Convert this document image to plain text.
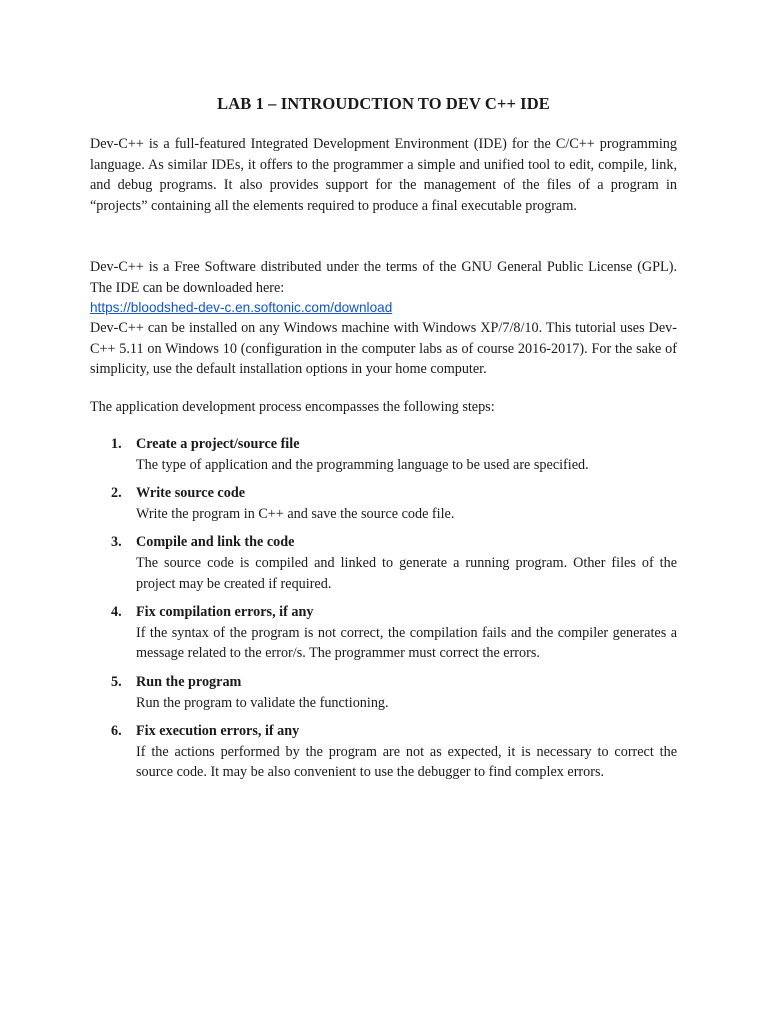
LAB 1 – INTROUDCTION TO DEV C++ IDE

Dev-C++ is a full-featured Integrated Development Environment (IDE) for the C/C++ programming language. As similar IDEs, it offers to the programmer a simple and unified tool to edit, compile, link, and debug programs. It also provides support for the management of the files of a program in “projects” containing all the elements required to produce a final executable program.

Dev-C++ is a Free Software distributed under the terms of the GNU General Public License (GPL). The IDE can be downloaded here:

https://bloodshed-dev-c.en.softonic.com/download

Dev-C++ can be installed on any Windows machine with Windows XP/7/8/10. This tutorial uses Dev-C++ 5.11 on Windows 10 (configuration in the computer labs as of course 2016-2017). For the sake of simplicity, use the default installation options in your home computer.

The application development process encompasses the following steps:

1. Create a project/source file
The type of application and the programming language to be used are specified.
2. Write source code
Write the program in C++ and save the source code file.
3. Compile and link the code
The source code is compiled and linked to generate a running program. Other files of the project may be created if required.
4. Fix compilation errors, if any
If the syntax of the program is not correct, the compilation fails and the compiler generates a message related to the error/s. The programmer must correct the errors.
5. Run the program
Run the program to validate the functioning.
6. Fix execution errors, if any
If the actions performed by the program are not as expected, it is necessary to correct the source code. It may be also convenient to use the debugger to find complex errors.
